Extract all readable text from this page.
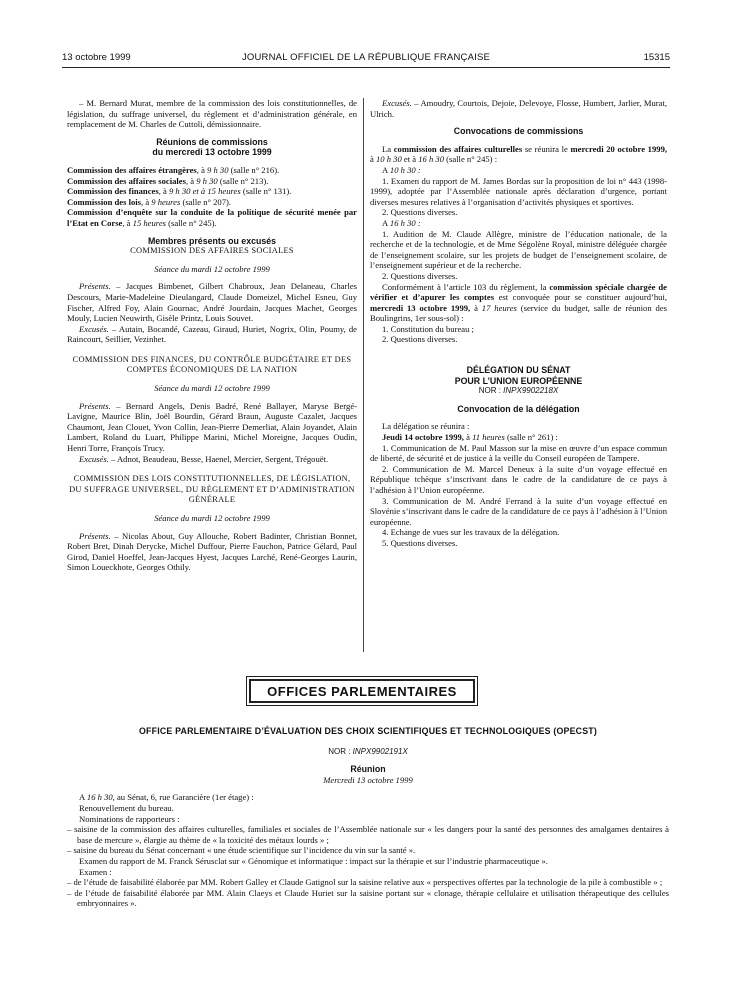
13 octobre 1999	JOURNAL OFFICIEL DE LA RÉPUBLIQUE FRANÇAISE	15315

– M. Bernard Murat, membre de la commission des lois constitutionnelles, de législation, du suffrage universel, du règlement et d’administration générale, en remplacement de M. Charles de Cuttoli, démissionnaire.

Réunions de commissions
du mercredi 13 octobre 1999

Commission des affaires étrangères, à 9 h 30 (salle n° 216).

Commission des affaires sociales, à 9 h 30 (salle n° 213).

Commission des finances, à 9 h 30 et à 15 heures (salle n° 131).

Commission des lois, à 9 heures (salle n° 207).

Commission d’enquête sur la conduite de la politique de sécurité menée par l’Etat en Corse, à 15 heures (salle n° 245).

Membres présents ou excusés
COMMISSION DES AFFAIRES SOCIALES
Séance du mardi 12 octobre 1999

Présents. – Jacques Bimbenet, Gilbert Chabroux, Jean Delaneau, Charles Descours, Marie-Madeleine Dieulangard, Claude Domeizel, Michel Esneu, Guy Fischer, Alfred Foy, Alain Gournac, André Jourdain, Jacques Machet, Georges Mouly, Lucien Neuwirth, Gisèle Printz, Louis Souvet.

Excusés. – Autain, Bocandé, Cazeau, Giraud, Huriet, Nogrix, Olin, Poumy, de Raincourt, Seillier, Vezinhet.

COMMISSION DES FINANCES, DU CONTRÔLE BUDGÉTAIRE ET DES COMPTES ÉCONOMIQUES DE LA NATION
Séance du mardi 12 octobre 1999

Présents. – Bernard Angels, Denis Badré, René Ballayer, Maryse Bergé-Lavigne, Maurice Blin, Joël Bourdin, Gérard Braun, Auguste Cazalet, Jacques Chaumont, Jean Clouet, Yvon Collin, Jean-Pierre Demerliat, Alain Joyandet, Alain Lambert, Roland du Luart, Philippe Marini, Michel Moreigne, Jacques Oudin, Henri Torre, François Trucy.

Excusés. – Adnot, Beaudeau, Besse, Haenel, Mercier, Sergent, Trégouët.

COMMISSION DES LOIS CONSTITUTIONNELLES, DE LÉGISLATION, DU SUFFRAGE UNIVERSEL, DU RÈGLEMENT ET D’ADMINISTRATION GÉNÉRALE
Séance du mardi 12 octobre 1999

Présents. – Nicolas About, Guy Allouche, Robert Badinter, Christian Bonnet, Robert Bret, Dinah Derycke, Michel Duffour, Pierre Fauchon, Patrice Gélard, Paul Girod, Daniel Hoeffel, Jean-Jacques Hyest, Jacques Larché, René-Georges Laurin, Simon Loueckhote, Georges Othily.

Excusés. – Amoudry, Courtois, Dejoie, Delevoye, Flosse, Humbert, Jarlier, Murat, Ulrich.

Convocations de commissions

La commission des affaires culturelles se réunira le mercredi 20 octobre 1999, à 10 h 30 et à 16 h 30 (salle n° 245) :

A 10 h 30 :

1. Examen du rapport de M. James Bordas sur la proposition de loi n° 443 (1998-1999), adoptée par l’Assemblée nationale après déclaration d’urgence, portant diverses mesures relatives à l’organisation d’activités physiques et sportives.

2. Questions diverses.

A 16 h 30 :

1. Audition de M. Claude Allègre, ministre de l’éducation nationale, de la recherche et de la technologie, et de Mme Ségolène Royal, ministre déléguée chargée de l’enseignement scolaire, sur les projets de budget de l’enseignement scolaire, de l’enseignement supérieur et de la recherche.

2. Questions diverses.

Conformément à l’article 103 du règlement, la commission spéciale chargée de vérifier et d’apurer les comptes est convoquée pour se constituer aujourd’hui, mercredi 13 octobre 1999, à 17 heures (service du budget, salle de réunion des Boulingrins, 1er sous-sol) :

1. Constitution du bureau ;

2. Questions diverses.

DÉLÉGATION DU SÉNAT
POUR L’UNION EUROPÉENNE
NOR : INPX9902218X
Convocation de la délégation

La délégation se réunira :

Jeudi 14 octobre 1999, à 11 heures (salle n° 261) :

1. Communication de M. Paul Masson sur la mise en œuvre d’un espace commun de liberté, de sécurité et de justice à la veille du Conseil européen de Tampere.

2. Communication de M. Marcel Deneux à la suite d’un voyage effectué en République tchèque s’inscrivant dans le cadre de la candidature de ce pays à l’adhésion à l’Union européenne.

3. Communication de M. André Ferrand à la suite d’un voyage effectué en Slovénie s’inscrivant dans le cadre de la candidature de ce pays à l’adhésion à l’Union européenne.

4. Echange de vues sur les travaux de la délégation.

5. Questions diverses.

OFFICES PARLEMENTAIRES
OFFICE PARLEMENTAIRE D’ÉVALUATION DES CHOIX SCIENTIFIQUES ET TECHNOLOGIQUES (OPECST)
NOR : INPX9902191X
Réunion
Mercredi 13 octobre 1999

A 16 h 30, au Sénat, 6, rue Garancière (1er étage) :

Renouvellement du bureau.

Nominations de rapporteurs :

– saisine de la commission des affaires culturelles, familiales et sociales de l’Assemblée nationale sur « les dangers pour la santé des personnes des amalgames dentaires à base de mercure », élargie au thème de « la toxicité des métaux lourds » ;

– saisine du bureau du Sénat concernant « une étude scientifique sur l’incidence du vin sur la santé ».

Examen du rapport de M. Franck Sérusclat sur « Génomique et informatique : impact sur la thérapie et sur l’industrie pharmaceutique ».

Examen :

– de l’étude de faisabilité élaborée par MM. Robert Galley et Claude Gatignol sur la saisine relative aux « perspectives offertes par la technologie de la pile à combustible » ;

– de l’étude de faisabilité élaborée par MM. Alain Claeys et Claude Huriet sur la saisine portant sur « clonage, thérapie cellulaire et utilisation thérapeutique des cellules embryonnaires ».
